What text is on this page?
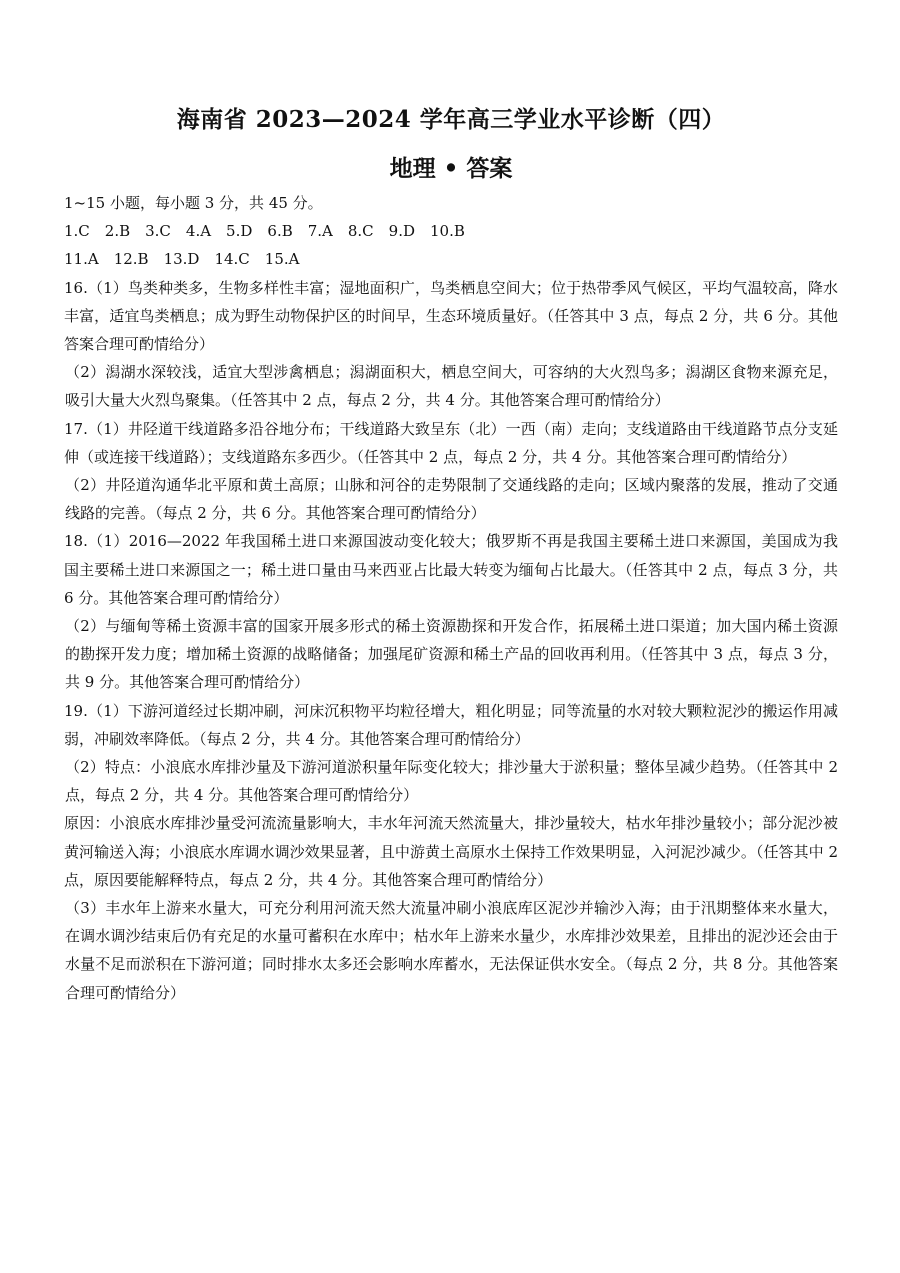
海南省 2023—2024 学年高三学业水平诊断（四）
地理 • 答案

1~15 小题，每小题 3 分，共 45 分。

1.C　2.B　3.C　4.A　5.D　6.B　7.A　8.C　9.D　10.B

11.A　12.B　13.D　14.C　15.A

16.（1）鸟类种类多，生物多样性丰富；湿地面积广，鸟类栖息空间大；位于热带季风气候区，平均气温较高，降水丰富，适宜鸟类栖息；成为野生动物保护区的时间早，生态环境质量好。（任答其中 3 点，每点 2 分，共 6 分。其他答案合理可酌情给分）

（2）潟湖水深较浅，适宜大型涉禽栖息；潟湖面积大，栖息空间大，可容纳的大火烈鸟多；潟湖区食物来源充足，吸引大量大火烈鸟聚集。（任答其中 2 点，每点 2 分，共 4 分。其他答案合理可酌情给分）

17.（1）井陉道干线道路多沿谷地分布；干线道路大致呈东（北）一西（南）走向；支线道路由干线道路节点分支延伸（或连接干线道路）；支线道路东多西少。（任答其中 2 点，每点 2 分，共 4 分。其他答案合理可酌情给分）

（2）井陉道沟通华北平原和黄土高原；山脉和河谷的走势限制了交通线路的走向；区域内聚落的发展，推动了交通线路的完善。（每点 2 分，共 6 分。其他答案合理可酌情给分）

18.（1）2016—2022 年我国稀土进口来源国波动变化较大；俄罗斯不再是我国主要稀土进口来源国，美国成为我国主要稀土进口来源国之一；稀土进口量由马来西亚占比最大转变为缅甸占比最大。（任答其中 2 点，每点 3 分，共 6 分。其他答案合理可酌情给分）

（2）与缅甸等稀土资源丰富的国家开展多形式的稀土资源勘探和开发合作，拓展稀土进口渠道；加大国内稀土资源的勘探开发力度；增加稀土资源的战略储备；加强尾矿资源和稀土产品的回收再利用。（任答其中 3 点，每点 3 分，共 9 分。其他答案合理可酌情给分）

19.（1）下游河道经过长期冲刷，河床沉积物平均粒径增大，粗化明显；同等流量的水对较大颗粒泥沙的搬运作用减弱，冲刷效率降低。（每点 2 分，共 4 分。其他答案合理可酌情给分）

（2）特点：小浪底水库排沙量及下游河道淤积量年际变化较大；排沙量大于淤积量；整体呈减少趋势。（任答其中 2 点，每点 2 分，共 4 分。其他答案合理可酌情给分）

原因：小浪底水库排沙量受河流流量影响大，丰水年河流天然流量大，排沙量较大，枯水年排沙量较小；部分泥沙被黄河输送入海；小浪底水库调水调沙效果显著，且中游黄土高原水土保持工作效果明显，入河泥沙减少。（任答其中 2 点，原因要能解释特点，每点 2 分，共 4 分。其他答案合理可酌情给分）

（3）丰水年上游来水量大，可充分利用河流天然大流量冲刷小浪底库区泥沙并输沙入海；由于汛期整体来水量大，在调水调沙结束后仍有充足的水量可蓄积在水库中；枯水年上游来水量少，水库排沙效果差，且排出的泥沙还会由于水量不足而淤积在下游河道；同时排水太多还会影响水库蓄水，无法保证供水安全。（每点 2 分，共 8 分。其他答案合理可酌情给分）
